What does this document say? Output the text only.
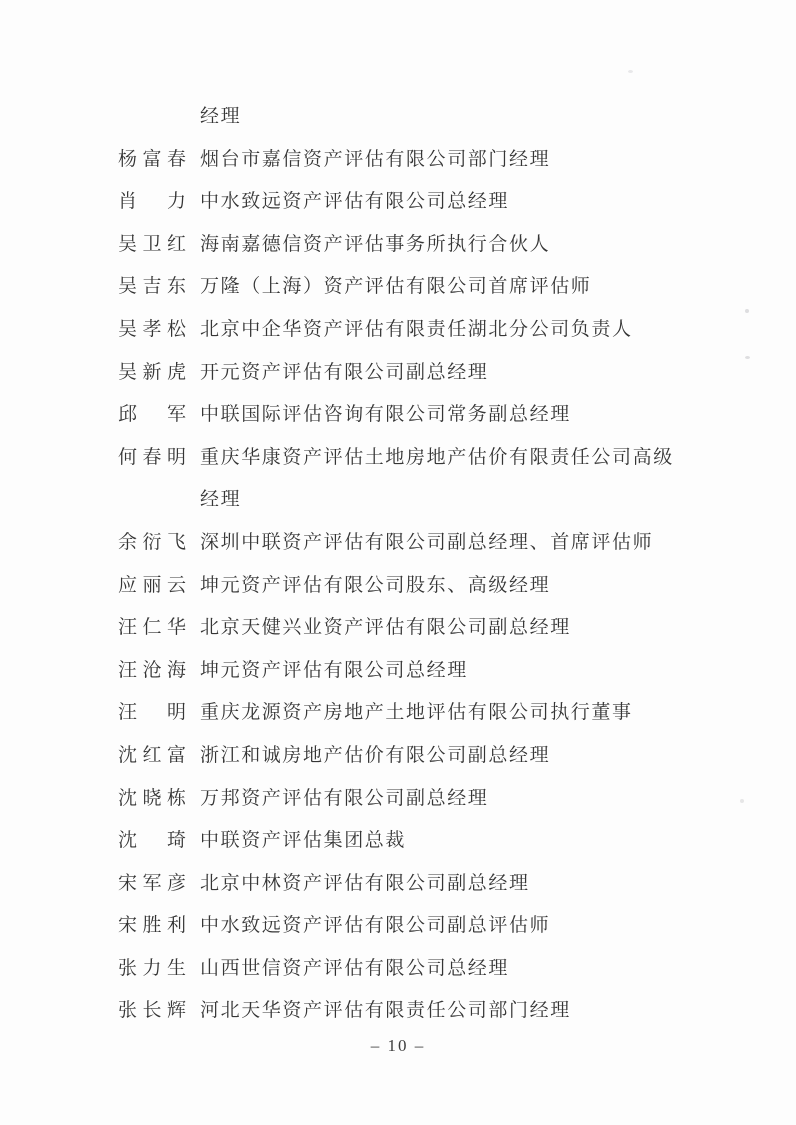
经理
杨富春 烟台市嘉信资产评估有限公司部门经理
肖　力 中水致远资产评估有限公司总经理
吴卫红 海南嘉德信资产评估事务所执行合伙人
吴吉东 万隆（上海）资产评估有限公司首席评估师
吴孝松 北京中企华资产评估有限责任湖北分公司负责人
吴新虎 开元资产评估有限公司副总经理
邱　军 中联国际评估咨询有限公司常务副总经理
何春明 重庆华康资产评估土地房地产估价有限责任公司高级经理
余衍飞 深圳中联资产评估有限公司副总经理、首席评估师
应丽云 坤元资产评估有限公司股东、高级经理
汪仁华 北京天健兴业资产评估有限公司副总经理
汪沧海 坤元资产评估有限公司总经理
汪　明 重庆龙源资产房地产土地评估有限公司执行董事
沈红富 浙江和诚房地产估价有限公司副总经理
沈晓栋 万邦资产评估有限公司副总经理
沈　琦 中联资产评估集团总裁
宋军彦 北京中林资产评估有限公司副总经理
宋胜利 中水致远资产评估有限公司副总评估师
张力生 山西世信资产评估有限公司总经理
张长辉 河北天华资产评估有限责任公司部门经理
– 10 –
